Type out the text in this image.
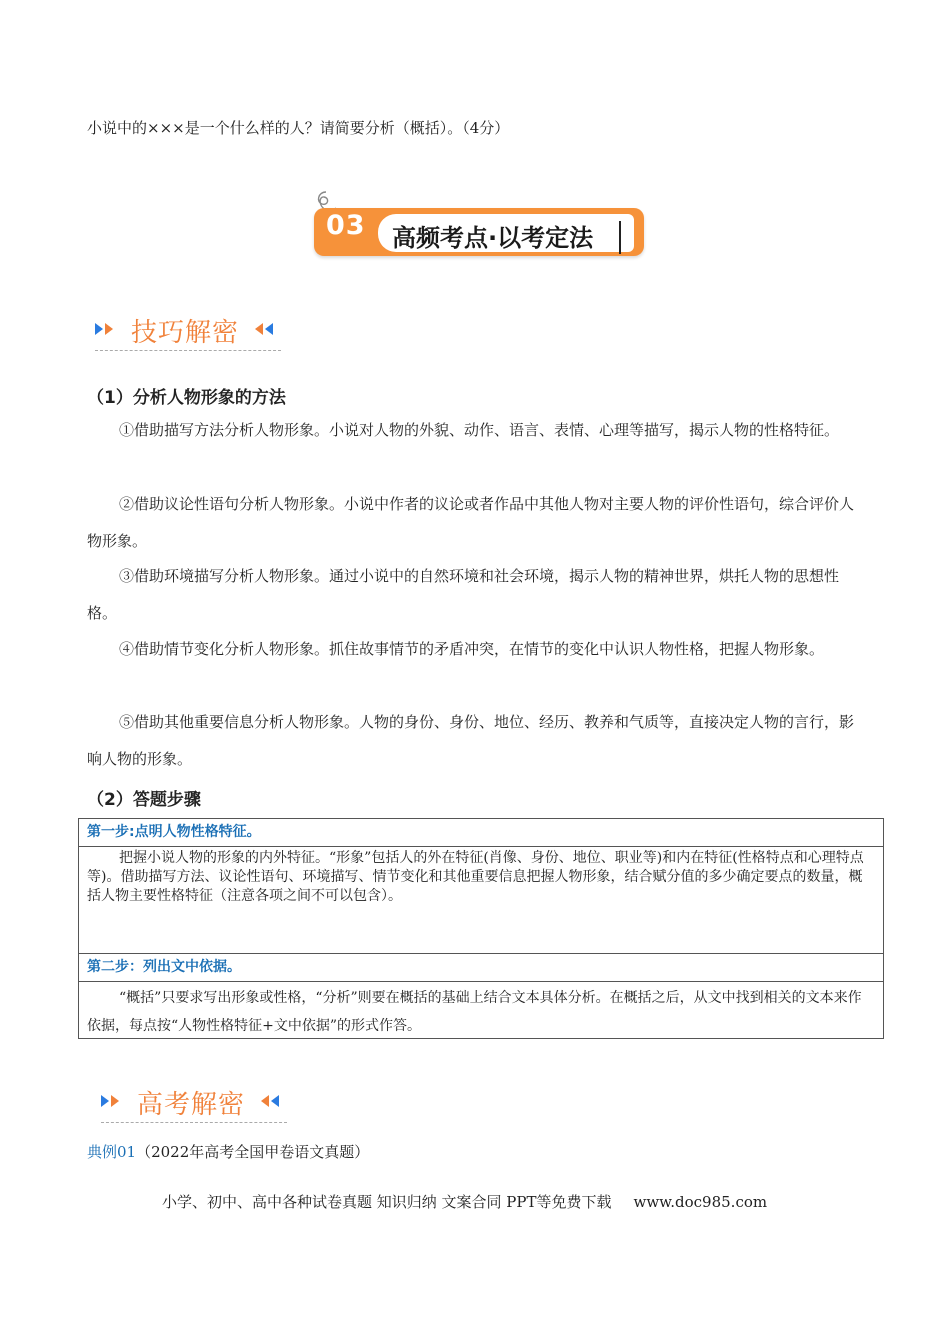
小说中的×××是一个什么样的人？请简要分析（概括）。（4分）
03 高频考点·以考定法
技巧解密
（1）分析人物形象的方法

①借助描写方法分析人物形象。小说对人物的外貌、动作、语言、表情、心理等描写，揭示人物的性格特征。

②借助议论性语句分析人物形象。小说中作者的议论或者作品中其他人物对主要人物的评价性语句，综合评价人物形象。

③借助环境描写分析人物形象。通过小说中的自然环境和社会环境，揭示人物的精神世界，烘托人物的思想性格。

④借助情节变化分析人物形象。抓住故事情节的矛盾冲突，在情节的变化中认识人物性格，把握人物形象。

⑤借助其他重要信息分析人物形象。人物的身份、身份、地位、经历、教养和气质等，直接决定人物的言行，影响人物的形象。

（2）答题步骤
第一步:点明人物性格特征。
把握小说人物的形象的内外特征。“形象”包括人的外在特征(肖像、身份、地位、职业等)和内在特征(性格特点和心理特点等)。借助描写方法、议论性语句、环境描写、情节变化和其他重要信息把握人物形象，结合赋分值的多少确定要点的数量，概括人物主要性格特征（注意各项之间不可以包含）。
第二步：列出文中依据。
“概括”只要求写出形象或性格，“分析”则要在概括的基础上结合文本具体分析。在概括之后，从文中找到相关的文本来作依据，每点按“人物性格特征+文中依据”的形式作答。
高考解密
典例01（2022年高考全国甲卷语文真题）
小学、初中、高中各种试卷真题 知识归纳 文案合同 PPT等免费下载 www.doc985.com
